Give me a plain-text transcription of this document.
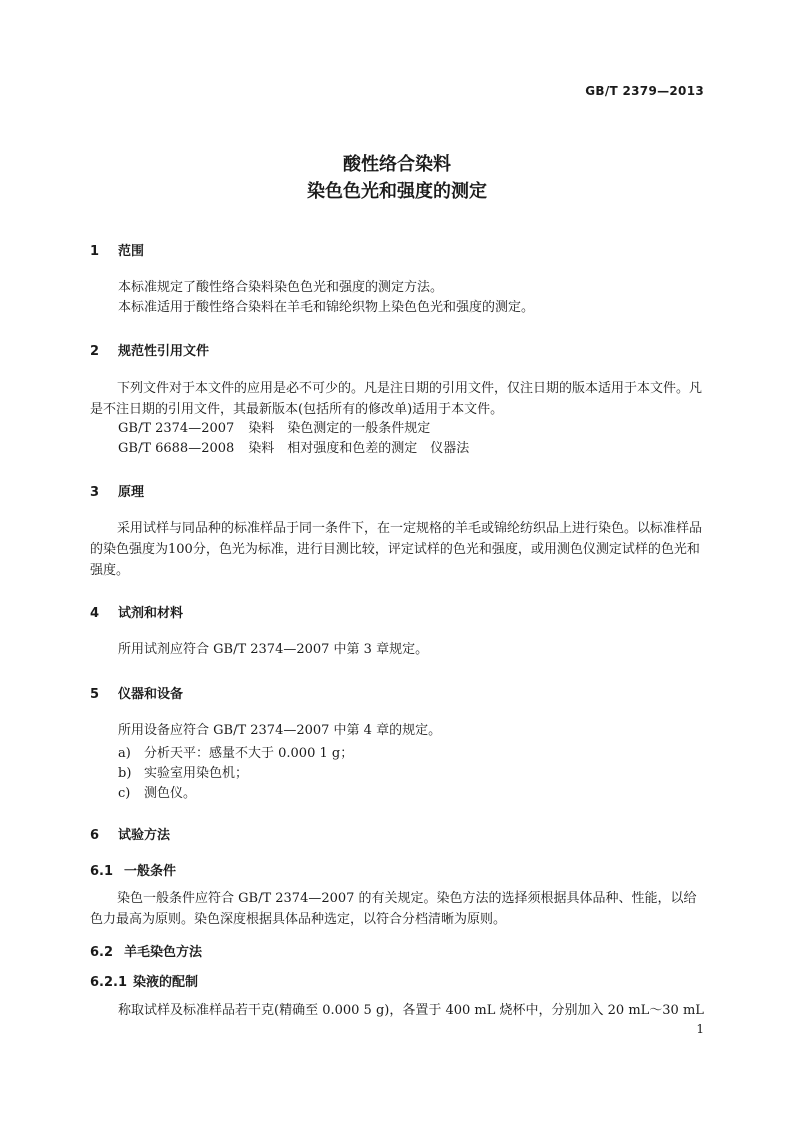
GB/T 2379—2013
酸性络合染料
染色色光和强度的测定
1 范围
本标准规定了酸性络合染料染色色光和强度的测定方法。
本标准适用于酸性络合染料在羊毛和锦纶织物上染色色光和强度的测定。
2 规范性引用文件
下列文件对于本文件的应用是必不可少的。凡是注日期的引用文件，仅注日期的版本适用于本文件。凡是不注日期的引用文件，其最新版本(包括所有的修改单)适用于本文件。
GB/T 2374—2007 染料　染色测定的一般条件规定
GB/T 6688—2008 染料　相对强度和色差的测定　仪器法
3 原理
采用试样与同品种的标准样品于同一条件下，在一定规格的羊毛或锦纶纺织品上进行染色。以标准样品的染色强度为100分，色光为标准，进行目测比较，评定试样的色光和强度，或用测色仪测定试样的色光和强度。
4 试剂和材料
所用试剂应符合 GB/T 2374—2007 中第 3 章规定。
5 仪器和设备
所用设备应符合 GB/T 2374—2007 中第 4 章的规定。
a) 分析天平：感量不大于 0.000 1 g；
b) 实验室用染色机；
c) 测色仪。
6 试验方法
6.1 一般条件
染色一般条件应符合 GB/T 2374—2007 的有关规定。染色方法的选择须根据具体品种、性能，以给色力最高为原则。染色深度根据具体品种选定，以符合分档清晰为原则。
6.2 羊毛染色方法
6.2.1 染液的配制
称取试样及标准样品若干克(精确至 0.000 5 g)，各置于 400 mL 烧杯中，分别加入 20 mL～30 mL
1
